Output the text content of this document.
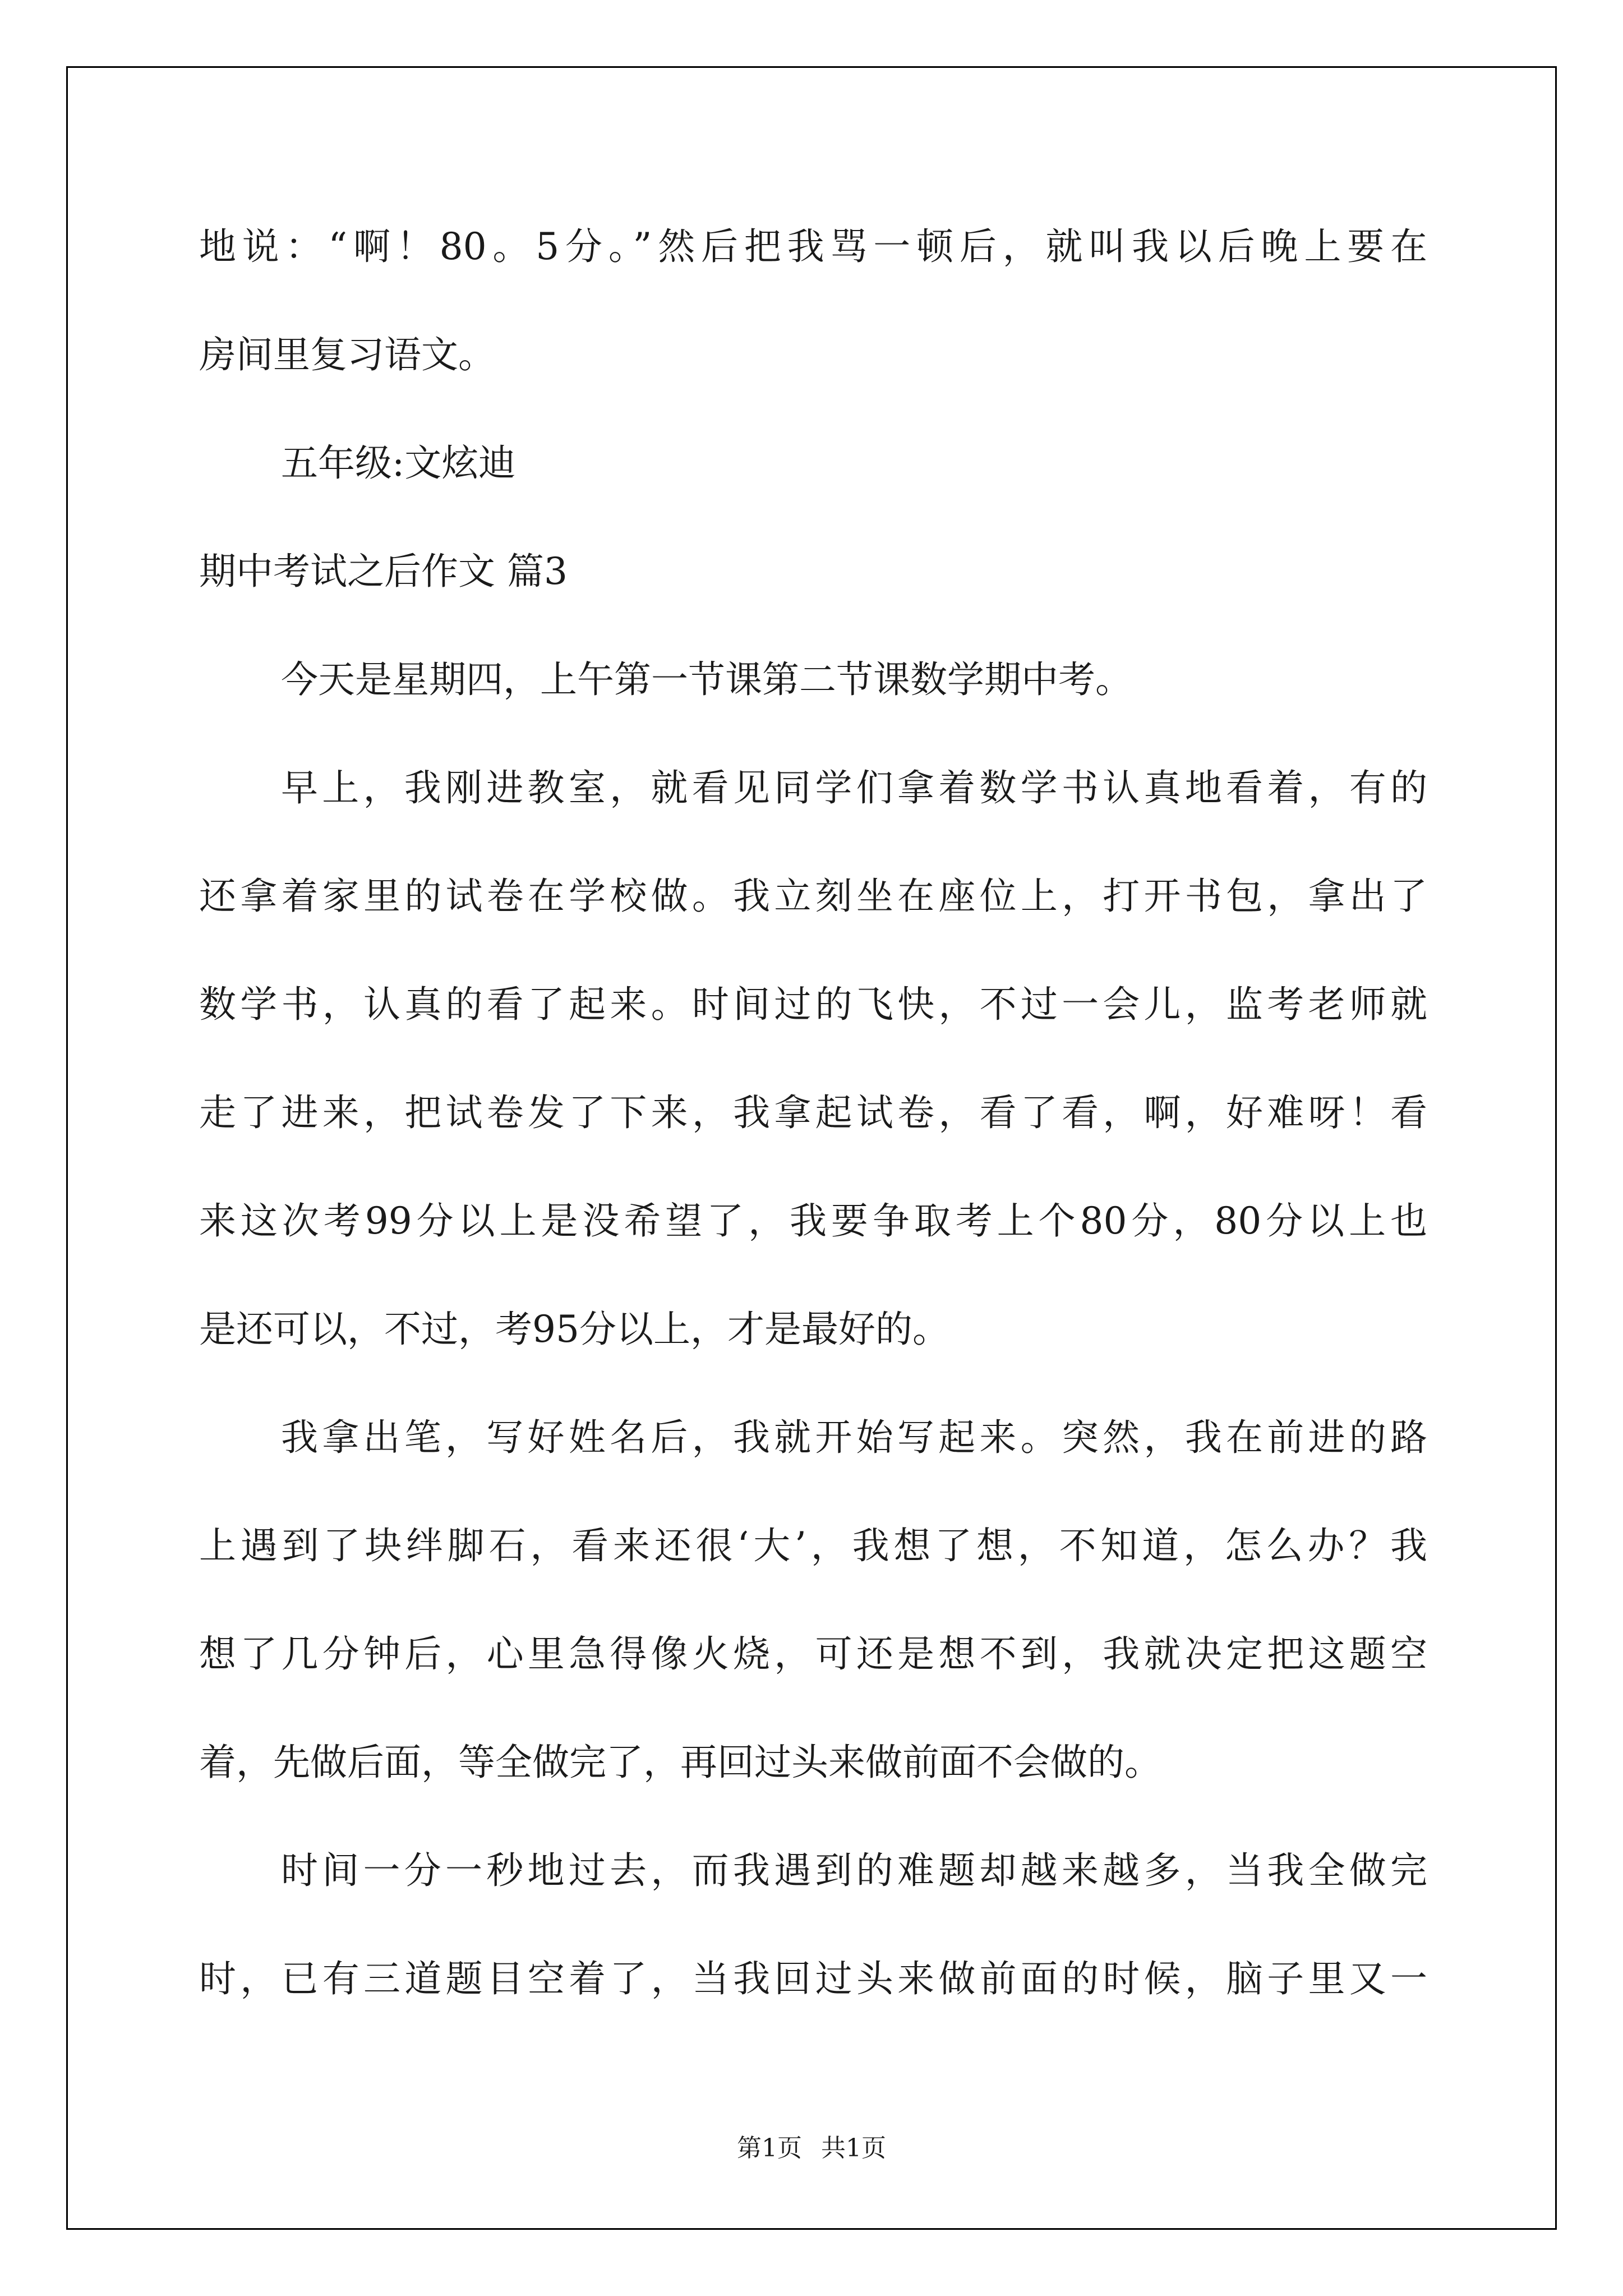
地说：“啊！80。5分。”然后把我骂一顿后，就叫我以后晚上要在
房间里复习语文。
五年级:文炫迪
期中考试之后作文 篇3
今天是星期四，上午第一节课第二节课数学期中考。
早上，我刚进教室，就看见同学们拿着数学书认真地看着，有的
还拿着家里的试卷在学校做。我立刻坐在座位上，打开书包，拿出了
数学书，认真的看了起来。时间过的飞快，不过一会儿，监考老师就
走了进来，把试卷发了下来，我拿起试卷，看了看，啊，好难呀！看
来这次考99分以上是没希望了，我要争取考上个80分，80分以上也
是还可以，不过，考95分以上，才是最好的。
我拿出笔，写好姓名后，我就开始写起来。突然，我在前进的路
上遇到了块绊脚石，看来还很‘大’，我想了想，不知道，怎么办？我
想了几分钟后，心里急得像火烧，可还是想不到，我就决定把这题空
着，先做后面，等全做完了，再回过头来做前面不会做的。
时间一分一秒地过去，而我遇到的难题却越来越多，当我全做完
时，已有三道题目空着了，当我回过头来做前面的时候，脑子里又一
第1页 共1页
